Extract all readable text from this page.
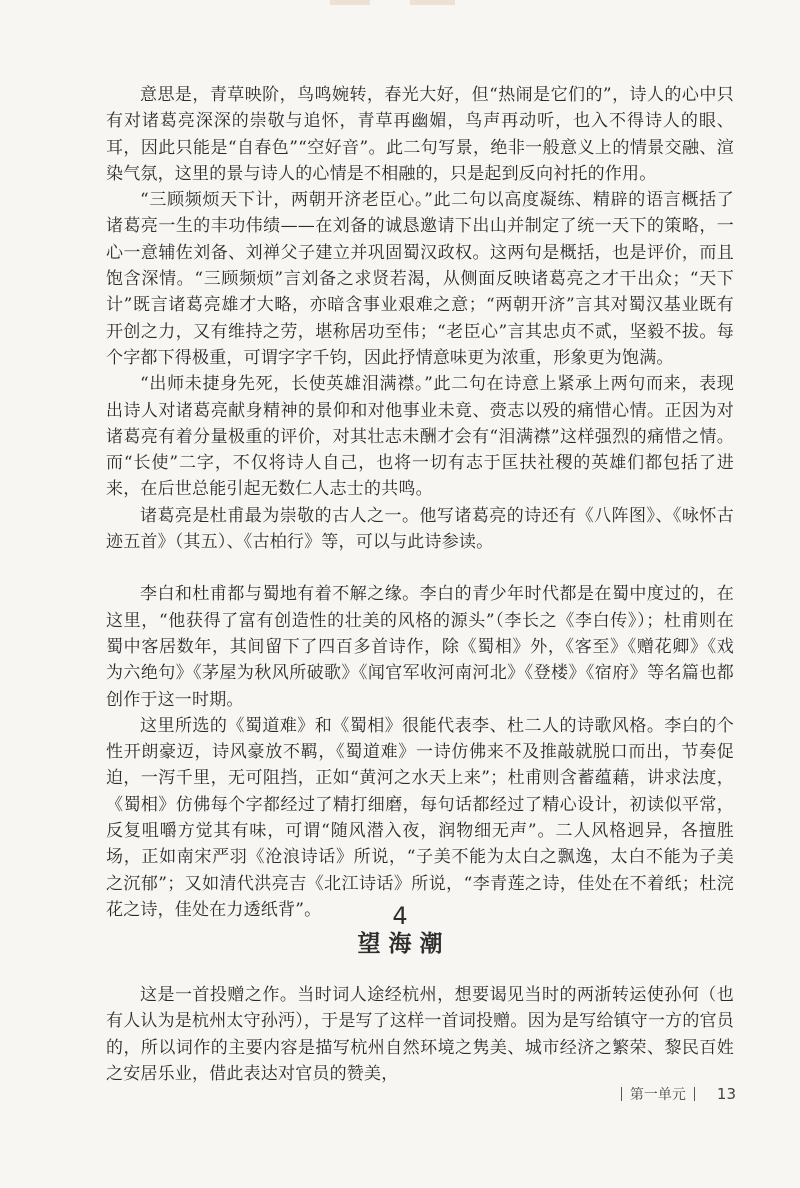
意思是，青草映阶，鸟鸣婉转，春光大好，但“热闹是它们的”，诗人的心中只有对诸葛亮深深的崇敬与追怀，青草再幽媚，鸟声再动听，也入不得诗人的眼、耳，因此只能是“自春色”“空好音”。此二句写景，绝非一般意义上的情景交融、渲染气氛，这里的景与诗人的心情是不相融的，只是起到反向衬托的作用。

“三顾频烦天下计，两朝开济老臣心。”此二句以高度凝练、精辟的语言概括了诸葛亮一生的丰功伟绩——在刘备的诚恳邀请下出山并制定了统一天下的策略，一心一意辅佐刘备、刘禅父子建立并巩固蜀汉政权。这两句是概括，也是评价，而且饱含深情。“三顾频烦”言刘备之求贤若渴，从侧面反映诸葛亮之才干出众；“天下计”既言诸葛亮雄才大略，亦暗含事业艰难之意；“两朝开济”言其对蜀汉基业既有开创之力，又有维持之劳，堪称居功至伟；“老臣心”言其忠贞不贰，坚毅不拔。每个字都下得极重，可谓字字千钧，因此抒情意味更为浓重，形象更为饱满。

“出师未捷身先死，长使英雄泪满襟。”此二句在诗意上紧承上两句而来，表现出诗人对诸葛亮献身精神的景仰和对他事业未竟、赍志以殁的痛惜心情。正因为对诸葛亮有着分量极重的评价，对其壮志未酬才会有“泪满襟”这样强烈的痛惜之情。而“长使”二字，不仅将诗人自己，也将一切有志于匡扶社稷的英雄们都包括了进来，在后世总能引起无数仁人志士的共鸣。

诸葛亮是杜甫最为崇敬的古人之一。他写诸葛亮的诗还有《八阵图》、《咏怀古迹五首》（其五）、《古柏行》等，可以与此诗参读。

李白和杜甫都与蜀地有着不解之缘。李白的青少年时代都是在蜀中度过的，在这里，“他获得了富有创造性的壮美的风格的源头”（李长之《李白传》）；杜甫则在蜀中客居数年，其间留下了四百多首诗作，除《蜀相》外，《客至》《赠花卿》《戏为六绝句》《茅屋为秋风所破歌》《闻官军收河南河北》《登楼》《宿府》等名篇也都创作于这一时期。

这里所选的《蜀道难》和《蜀相》很能代表李、杜二人的诗歌风格。李白的个性开朗豪迈，诗风豪放不羁，《蜀道难》一诗仿佛来不及推敲就脱口而出，节奏促迫，一泻千里，无可阻挡，正如“黄河之水天上来”；杜甫则含蓄蕴藉，讲求法度，《蜀相》仿佛每个字都经过了精打细磨，每句话都经过了精心设计，初读似平常，反复咀嚼方觉其有味，可谓“随风潜入夜，润物细无声”。二人风格迥异，各擅胜场，正如南宋严羽《沧浪诗话》所说，“子美不能为太白之飘逸，太白不能为子美之沉郁”；又如清代洪亮吉《北江诗话》所说，“李青莲之诗，佳处在不着纸；杜浣花之诗，佳处在力透纸背”。	4
望海潮

这是一首投赠之作。当时词人途经杭州，想要谒见当时的两浙转运使孙何（也有人认为是杭州太守孙沔），于是写了这样一首词投赠。因为是写给镇守一方的官员的，所以词作的主要内容是描写杭州自然环境之隽美、城市经济之繁荣、黎民百姓之安居乐业，借此表达对官员的赞美，

第一单元 13
